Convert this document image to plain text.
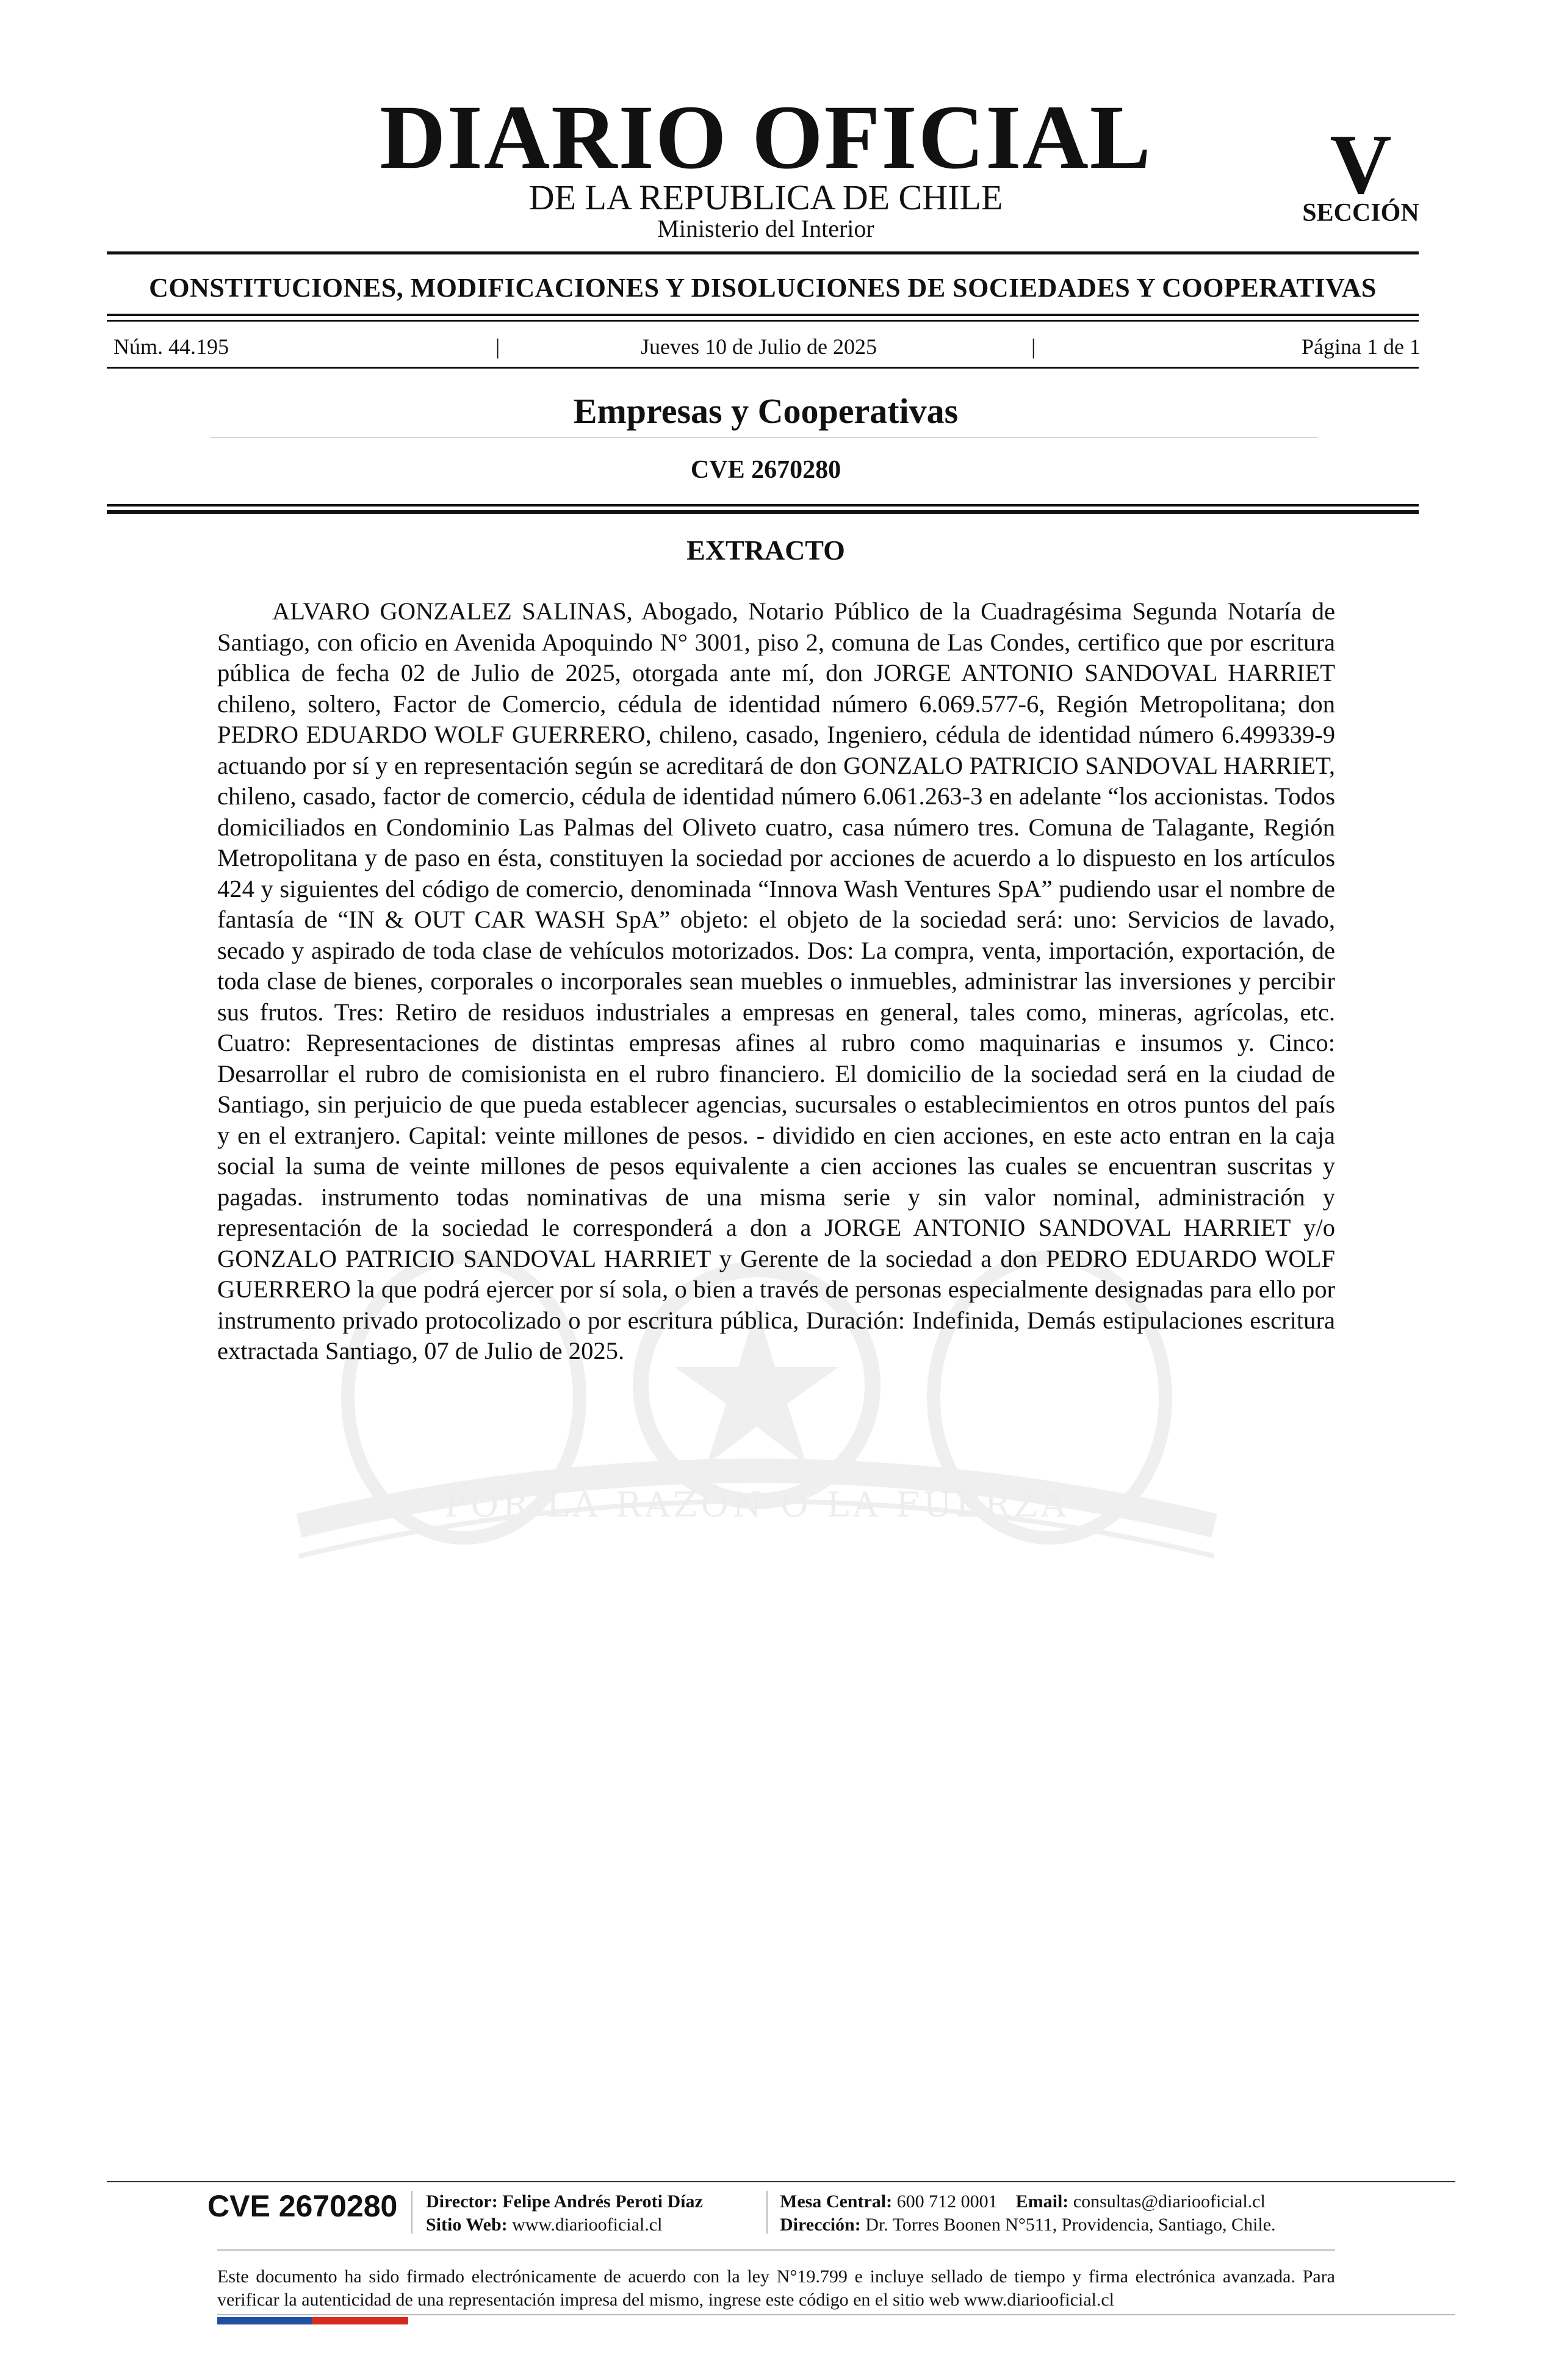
DIARIO OFICIAL
DE LA REPUBLICA DE CHILE
Ministerio del Interior
V
SECCIÓN
CONSTITUCIONES, MODIFICACIONES Y DISOLUCIONES DE SOCIEDADES Y COOPERATIVAS
Núm. 44.195	|	Jueves 10 de Julio de 2025	|	Página 1 de 1
Empresas y Cooperativas
CVE 2670280
EXTRACTO
POR LA RAZÓN O LA FUERZA
ALVARO GONZALEZ SALINAS, Abogado, Notario Público de la Cuadragésima Segunda Notaría de Santiago, con oficio en Avenida Apoquindo N° 3001, piso 2, comuna de Las Condes, certifico que por escritura pública de fecha 02 de Julio de 2025, otorgada ante mí, don JORGE ANTONIO SANDOVAL HARRIET chileno, soltero, Factor de Comercio, cédula de identidad número 6.069.577-6, Región Metropolitana; don PEDRO EDUARDO WOLF GUERRERO, chileno, casado, Ingeniero, cédula de identidad número 6.499339-9 actuando por sí y en representación según se acreditará de don GONZALO PATRICIO SANDOVAL HARRIET, chileno, casado, factor de comercio, cédula de identidad número 6.061.263-3 en adelante “los accionistas. Todos domiciliados en Condominio Las Palmas del Oliveto cuatro, casa número tres. Comuna de Talagante, Región Metropolitana y de paso en ésta, constituyen la sociedad por acciones de acuerdo a lo dispuesto en los artículos 424 y siguientes del código de comercio, denominada “Innova Wash Ventures SpA” pudiendo usar el nombre de fantasía de “IN & OUT CAR WASH SpA” objeto: el objeto de la sociedad será: uno: Servicios de lavado, secado y aspirado de toda clase de vehículos motorizados. Dos: La compra, venta, importación, exportación, de toda clase de bienes, corporales o incorporales sean muebles o inmuebles, administrar las inversiones y percibir sus frutos. Tres: Retiro de residuos industriales a empresas en general, tales como, mineras, agrícolas, etc. Cuatro: Representaciones de distintas empresas afines al rubro como maquinarias e insumos y. Cinco: Desarrollar el rubro de comisionista en el rubro financiero. El domicilio de la sociedad será en la ciudad de Santiago, sin perjuicio de que pueda establecer agencias, sucursales o establecimientos en otros puntos del país y en el extranjero. Capital: veinte millones de pesos. - dividido en cien acciones, en este acto entran en la caja social la suma de veinte millones de pesos equivalente a cien acciones las cuales se encuentran suscritas y pagadas. instrumento todas nominativas de una misma serie y sin valor nominal, administración y representación de la sociedad le corresponderá a don a JORGE ANTONIO SANDOVAL HARRIET y/o GONZALO PATRICIO SANDOVAL HARRIET y Gerente de la sociedad a don PEDRO EDUARDO WOLF GUERRERO la que podrá ejercer por sí sola, o bien a través de personas especialmente designadas para ello por instrumento privado protocolizado o por escritura pública, Duración: Indefinida, Demás estipulaciones escritura extractada Santiago, 07 de Julio de 2025.
CVE 2670280 Director: Felipe Andrés Peroti Díaz
Sitio Web: www.diariooficial.cl
Mesa Central: 600 712 0001 Email: consultas@diariooficial.cl
Dirección: Dr. Torres Boonen N°511, Providencia, Santiago, Chile.
Este documento ha sido firmado electrónicamente de acuerdo con la ley N°19.799 e incluye sellado de tiempo y firma electrónica avanzada. Para verificar la autenticidad de una representación impresa del mismo, ingrese este código en el sitio web www.diariooficial.cl
